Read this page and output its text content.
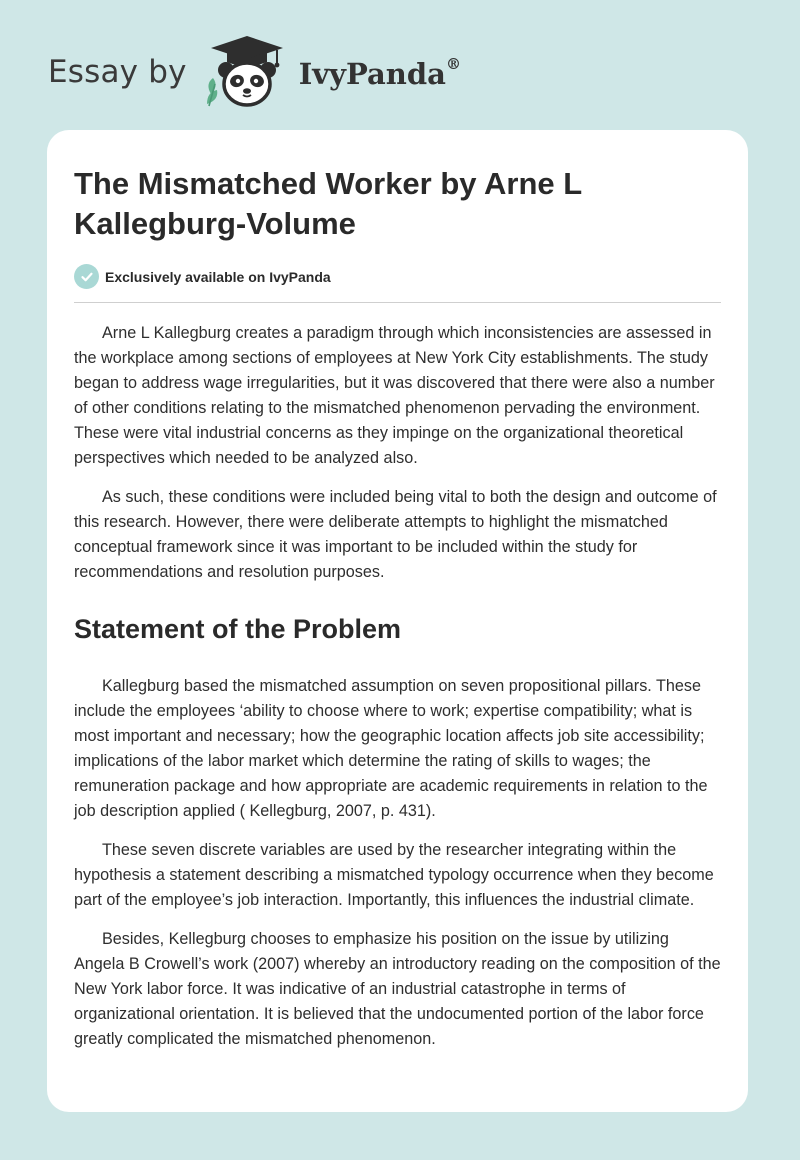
Essay by	IvyPanda®
The Mismatched Worker by Arne L Kallegburg-Volume
Exclusively available on IvyPanda

Arne L Kallegburg creates a paradigm through which inconsistencies are assessed in the workplace among sections of employees at New York City establishments. The study began to address wage irregularities, but it was discovered that there were also a number of other conditions relating to the mismatched phenomenon pervading the environment. These were vital industrial concerns as they impinge on the organizational theoretical perspectives which needed to be analyzed also.

As such, these conditions were included being vital to both the design and outcome of this research. However, there were deliberate attempts to highlight the mismatched conceptual framework since it was important to be included within the study for recommendations and resolution purposes.

Statement of the Problem

Kallegburg based the mismatched assumption on seven propositional pillars. These include the employees ‘ability to choose where to work; expertise compatibility; what is most important and necessary; how the geographic location affects job site accessibility; implications of the labor market which determine the rating of skills to wages; the remuneration package and how appropriate are academic requirements in relation to the job description applied ( Kellegburg, 2007, p. 431).

These seven discrete variables are used by the researcher integrating within the hypothesis a statement describing a mismatched typology occurrence when they become part of the employee’s job interaction. Importantly, this influences the industrial climate.

Besides, Kellegburg chooses to emphasize his position on the issue by utilizing Angela B Crowell’s work (2007) whereby an introductory reading on the composition of the New York labor force. It was indicative of an industrial catastrophe in terms of organizational orientation. It is believed that the undocumented portion of the labor force greatly complicated the mismatched phenomenon.
